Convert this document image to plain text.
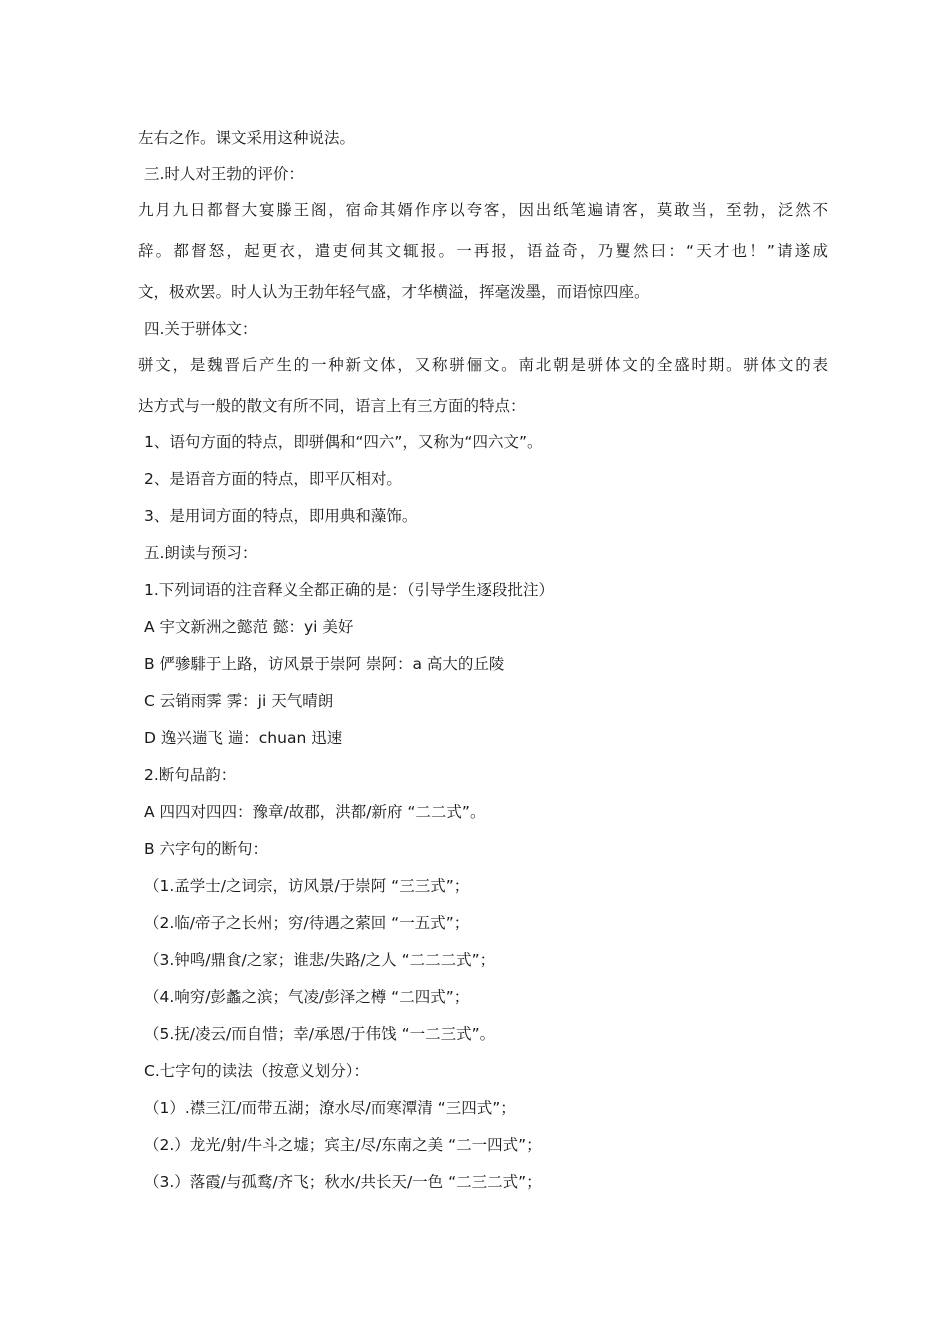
左右之作。课文采用这种说法。
三.时人对王勃的评价：
九月九日都督大宴滕王阁，宿命其婿作序以夸客，因出纸笔遍请客，莫敢当，至勃，泛然不
辞。都督怒，起更衣，遣吏伺其文辄报。一再报，语益奇，乃矍然曰：“天才也！”请遂成
文，极欢罢。时人认为王勃年轻气盛，才华横溢，挥毫泼墨，而语惊四座。
四.关于骈体文：
骈文，是魏晋后产生的一种新文体，又称骈俪文。南北朝是骈体文的全盛时期。骈体文的表
达方式与一般的散文有所不同，语言上有三方面的特点：
1、语句方面的特点，即骈偶和“四六”，又称为“四六文”。
2、是语音方面的特点，即平仄相对。
3、是用词方面的特点，即用典和藻饰。
五.朗读与预习：
1.下列词语的注音释义全都正确的是：（引导学生逐段批注）
A 宇文新洲之懿范 懿：yi 美好
B 俨骖騑于上路，访风景于崇阿 崇阿：a 高大的丘陵
C 云销雨霁 霁：ji 天气晴朗
D 逸兴遄飞 遄：chuan 迅速
2.断句品韵：
A 四四对四四：豫章/故郡，洪都/新府 “二二式”。
B 六字句的断句：
（1.孟学士/之词宗，访风景/于崇阿 “三三式”；
（2.临/帝子之长州；穷/待遇之萦回 “一五式”；
（3.钟鸣/鼎食/之家；谁悲/失路/之人 “二二二式”；
（4.响穷/彭蠡之滨；气凌/彭泽之樽 “二四式”；
（5.抚/凌云/而自惜；幸/承恩/于伟饯 “一二三式”。
C.七字句的读法（按意义划分）：
（1）.襟三江/而带五湖；潦水尽/而寒潭清 “三四式”；
（2.）龙光/射/牛斗之墟；宾主/尽/东南之美 “二一四式”；
（3.）落霞/与孤鹜/齐飞；秋水/共长天/一色 “二三二式”；
